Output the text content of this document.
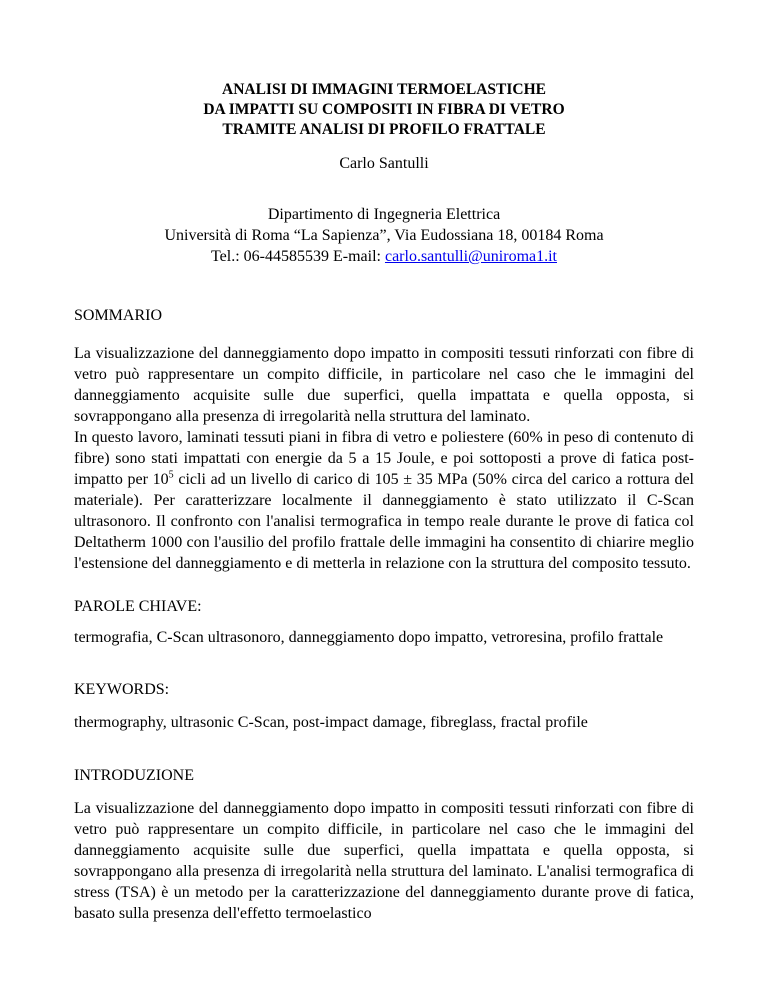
ANALISI DI IMMAGINI TERMOELASTICHE
DA IMPATTI SU COMPOSITI IN FIBRA DI VETRO
TRAMITE ANALISI DI PROFILO FRATTALE
Carlo Santulli
Dipartimento di Ingegneria Elettrica
Università di Roma “La Sapienza”, Via Eudossiana 18, 00184 Roma
Tel.: 06-44585539 E-mail: carlo.santulli@uniroma1.it
SOMMARIO

La visualizzazione del danneggiamento dopo impatto in compositi tessuti rinforzati con fibre di vetro può rappresentare un compito difficile, in particolare nel caso che le immagini del danneggiamento acquisite sulle due superfici, quella impattata e quella opposta, si sovrappongano alla presenza di irregolarità nella struttura del laminato.

In questo lavoro, laminati tessuti piani in fibra di vetro e poliestere (60% in peso di contenuto di fibre) sono stati impattati con energie da 5 a 15 Joule, e poi sottoposti a prove di fatica post-impatto per $10^5$ cicli ad un livello di carico di 105 ± 35 MPa (50% circa del carico a rottura del materiale). Per caratterizzare localmente il danneggiamento è stato utilizzato il C-Scan ultrasonoro. Il confronto con l'analisi termografica in tempo reale durante le prove di fatica col Deltatherm 1000 con l'ausilio del profilo frattale delle immagini ha consentito di chiarire meglio l'estensione del danneggiamento e di metterla in relazione con la struttura del composito tessuto.

PAROLE CHIAVE:

termografia, C-Scan ultrasonoro, danneggiamento dopo impatto, vetroresina, profilo frattale

KEYWORDS:

thermography, ultrasonic C-Scan, post-impact damage, fibreglass, fractal profile

INTRODUZIONE

La visualizzazione del danneggiamento dopo impatto in compositi tessuti rinforzati con fibre di vetro può rappresentare un compito difficile, in particolare nel caso che le immagini del danneggiamento acquisite sulle due superfici, quella impattata e quella opposta, si sovrappongano alla presenza di irregolarità nella struttura del laminato. L'analisi termografica di stress (TSA) è un metodo per la caratterizzazione del danneggiamento durante prove di fatica, basato sulla presenza dell'effetto termoelastico
